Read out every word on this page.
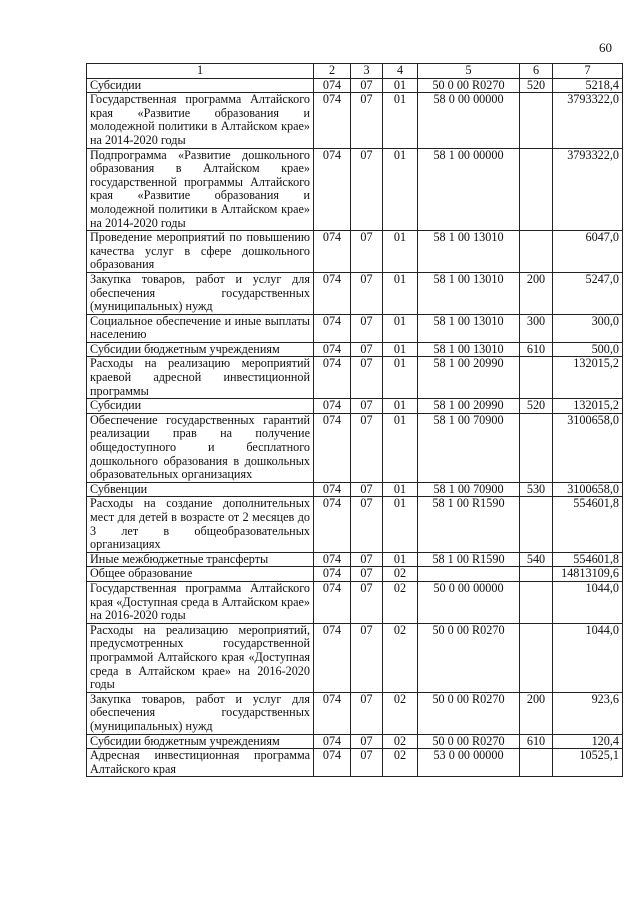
60
1	2	3	4	5	6	7
Субсидии	074	07	01	50 0 00 R0270	520	5218,4
Государственная программа Алтайского края «Развитие образования и молодежной политики в Алтайском крае» на 2014-2020 годы	074	07	01	58 0 00 00000		3793322,0
Подпрограмма «Развитие дошкольного образования в Алтайском крае» государственной программы Алтайского края «Развитие образования и молодежной политики в Алтайском крае» на 2014-2020 годы	074	07	01	58 1 00 00000		3793322,0
Проведение мероприятий по повышению качества услуг в сфере дошкольного образования	074	07	01	58 1 00 13010		6047,0
Закупка товаров, работ и услуг для обеспечения государственных (муниципальных) нужд	074	07	01	58 1 00 13010	200	5247,0
Социальное обеспечение и иные выплаты населению	074	07	01	58 1 00 13010	300	300,0
Субсидии бюджетным учреждениям	074	07	01	58 1 00 13010	610	500,0
Расходы на реализацию мероприятий краевой адресной инвестиционной программы	074	07	01	58 1 00 20990		132015,2
Субсидии	074	07	01	58 1 00 20990	520	132015,2
Обеспечение государственных гарантий реализации прав на получение общедоступного и бесплатного дошкольного образования в дошкольных образовательных организациях	074	07	01	58 1 00 70900		3100658,0
Субвенции	074	07	01	58 1 00 70900	530	3100658,0
Расходы на создание дополнительных мест для детей в возрасте от 2 месяцев до 3 лет в общеобразовательных организациях	074	07	01	58 1 00 R1590		554601,8
Иные межбюджетные трансферты	074	07	01	58 1 00 R1590	540	554601,8
Общее образование	074	07	02			14813109,6
Государственная программа Алтайского края «Доступная среда в Алтайском крае» на 2016-2020 годы	074	07	02	50 0 00 00000		1044,0
Расходы на реализацию мероприятий, предусмотренных государственной программой Алтайского края «Доступная среда в Алтайском крае» на 2016-2020 годы	074	07	02	50 0 00 R0270		1044,0
Закупка товаров, работ и услуг для обеспечения государственных (муниципальных) нужд	074	07	02	50 0 00 R0270	200	923,6
Субсидии бюджетным учреждениям	074	07	02	50 0 00 R0270	610	120,4
Адресная инвестиционная программа Алтайского края	074	07	02	53 0 00 00000		10525,1
